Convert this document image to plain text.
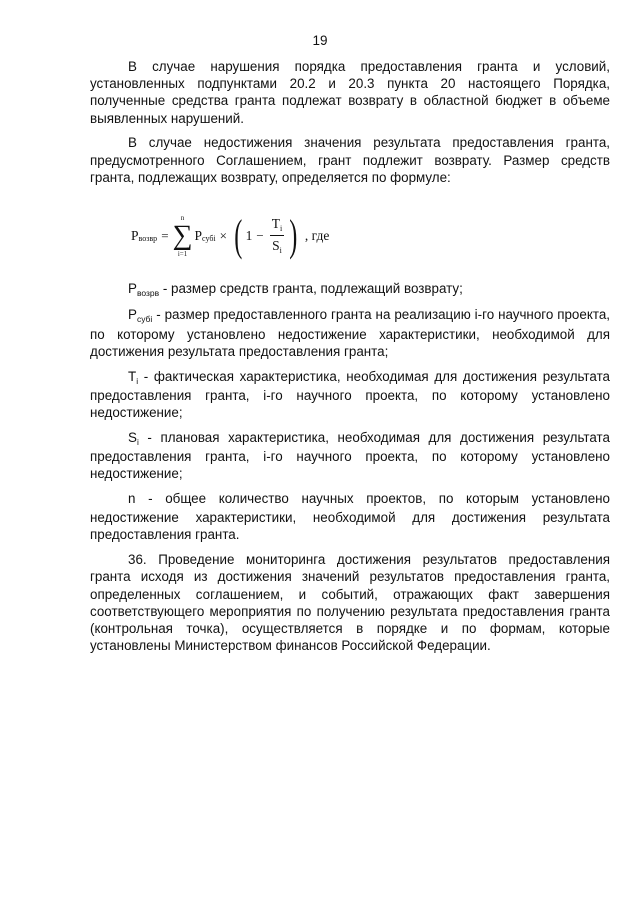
19

В случае нарушения порядка предоставления гранта и условий, установленных подпунктами 20.2 и 20.3 пункта 20 настоящего Порядка, полученные средства гранта подлежат возврату в областной бюджет в объеме выявленных нарушений.

В случае недостижения значения результата предоставления гранта, предусмотренного Соглашением, грант подлежит возврату. Размер средств гранта, подлежащих возврату, определяется по формуле:

P возвр =
n
∑
i=1
P субi × ( $1 - \frac{T_i}{S_i}$ ) , где

$P_{возрв}$ - размер средств гранта, подлежащий возврату;

$P_{субi}$ - размер предоставленного гранта на реализацию i-го научного проекта, по которому установлено недостижение характеристики, необходимой для достижения результата предоставления гранта;

$T_i$ - фактическая характеристика, необходимая для достижения результата предоставления гранта, i-го научного проекта, по которому установлено недостижение;

$S_i$ - плановая характеристика, необходимая для достижения результата предоставления гранта, i-го научного проекта, по которому установлено недостижение;

n - общее количество научных проектов, по которым установлено недостижение характеристики, необходимой для достижения результата предоставления гранта.

36. Проведение мониторинга достижения результатов предоставления гранта исходя из достижения значений результатов предоставления гранта, определенных соглашением, и событий, отражающих факт завершения соответствующего мероприятия по получению результата предоставления гранта (контрольная точка), осуществляется в порядке и по формам, которые установлены Министерством финансов Российской Федерации.
